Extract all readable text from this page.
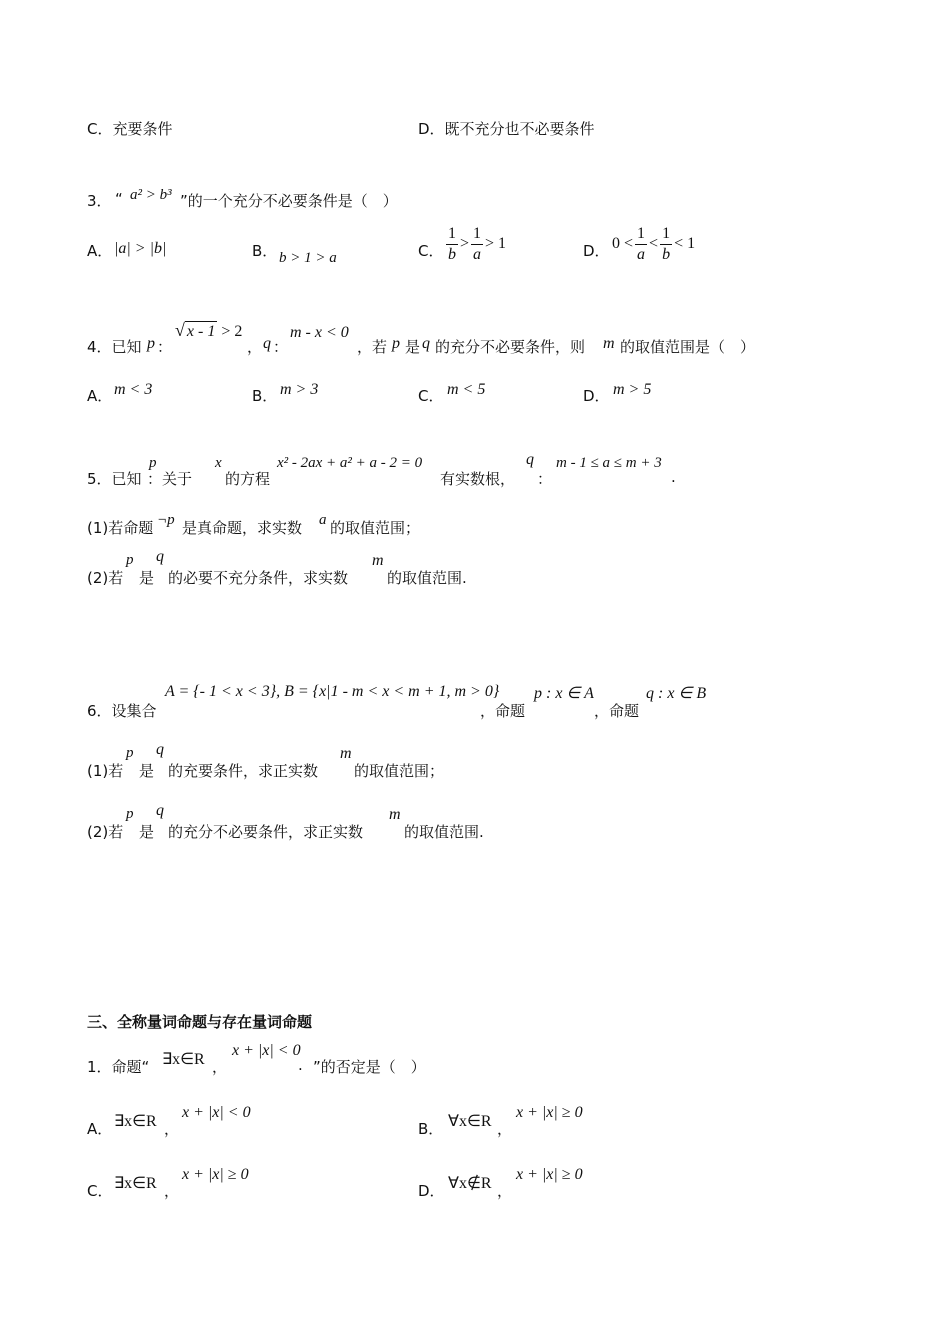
C．充要条件	D．既不充分也不必要条件
3． “ a² > b³ ”的一个充分不必要条件是（　）
A． |a| > |b|	B． b > 1 > a	C． $\frac{1}{b} > \frac{1}{a} > 1$	D． $0 < \frac{1}{a} < \frac{1}{b} < 1$
4．已知 p ：
√ x - 1 > 2
， q ：
m - x < 0
，若 p 是 q 的充分不必要条件，则 m 的取值范围是（　）
A． m < 3	B． m > 3	C． m < 5	D． m > 5
5．已知
p
：关于
x
的方程
x² - 2ax + a² + a - 2 = 0
有实数根，
q
：
m - 1 ≤ a ≤ m + 3
.
(1)若命题 ¬p 是真命题，求实数 a 的取值范围；
(2)若
p
是
q
的必要不充分条件，求实数
m
的取值范围.
6．设集合
A = {- 1 < x < 3}, B = {x|1 - m < x < m + 1, m > 0}
，命题
p : x ∈ A
，命题
q : x ∈ B
(1)若
p
是
q
的充要条件，求正实数
m
的取值范围；
(2)若
p
是
q
的充分不必要条件，求正实数
m
的取值范围.
三、全称量词命题与存在量词命题
1．命题“ ∃x∈R ，
x + |x| < 0
. ”的否定是（　）
A． ∃x∈R ，
x + |x| < 0
B． ∀x∈R ，
x + |x| ≥ 0
C． ∃x∈R ，
x + |x| ≥ 0
D． ∀x∉R ，
x + |x| ≥ 0
